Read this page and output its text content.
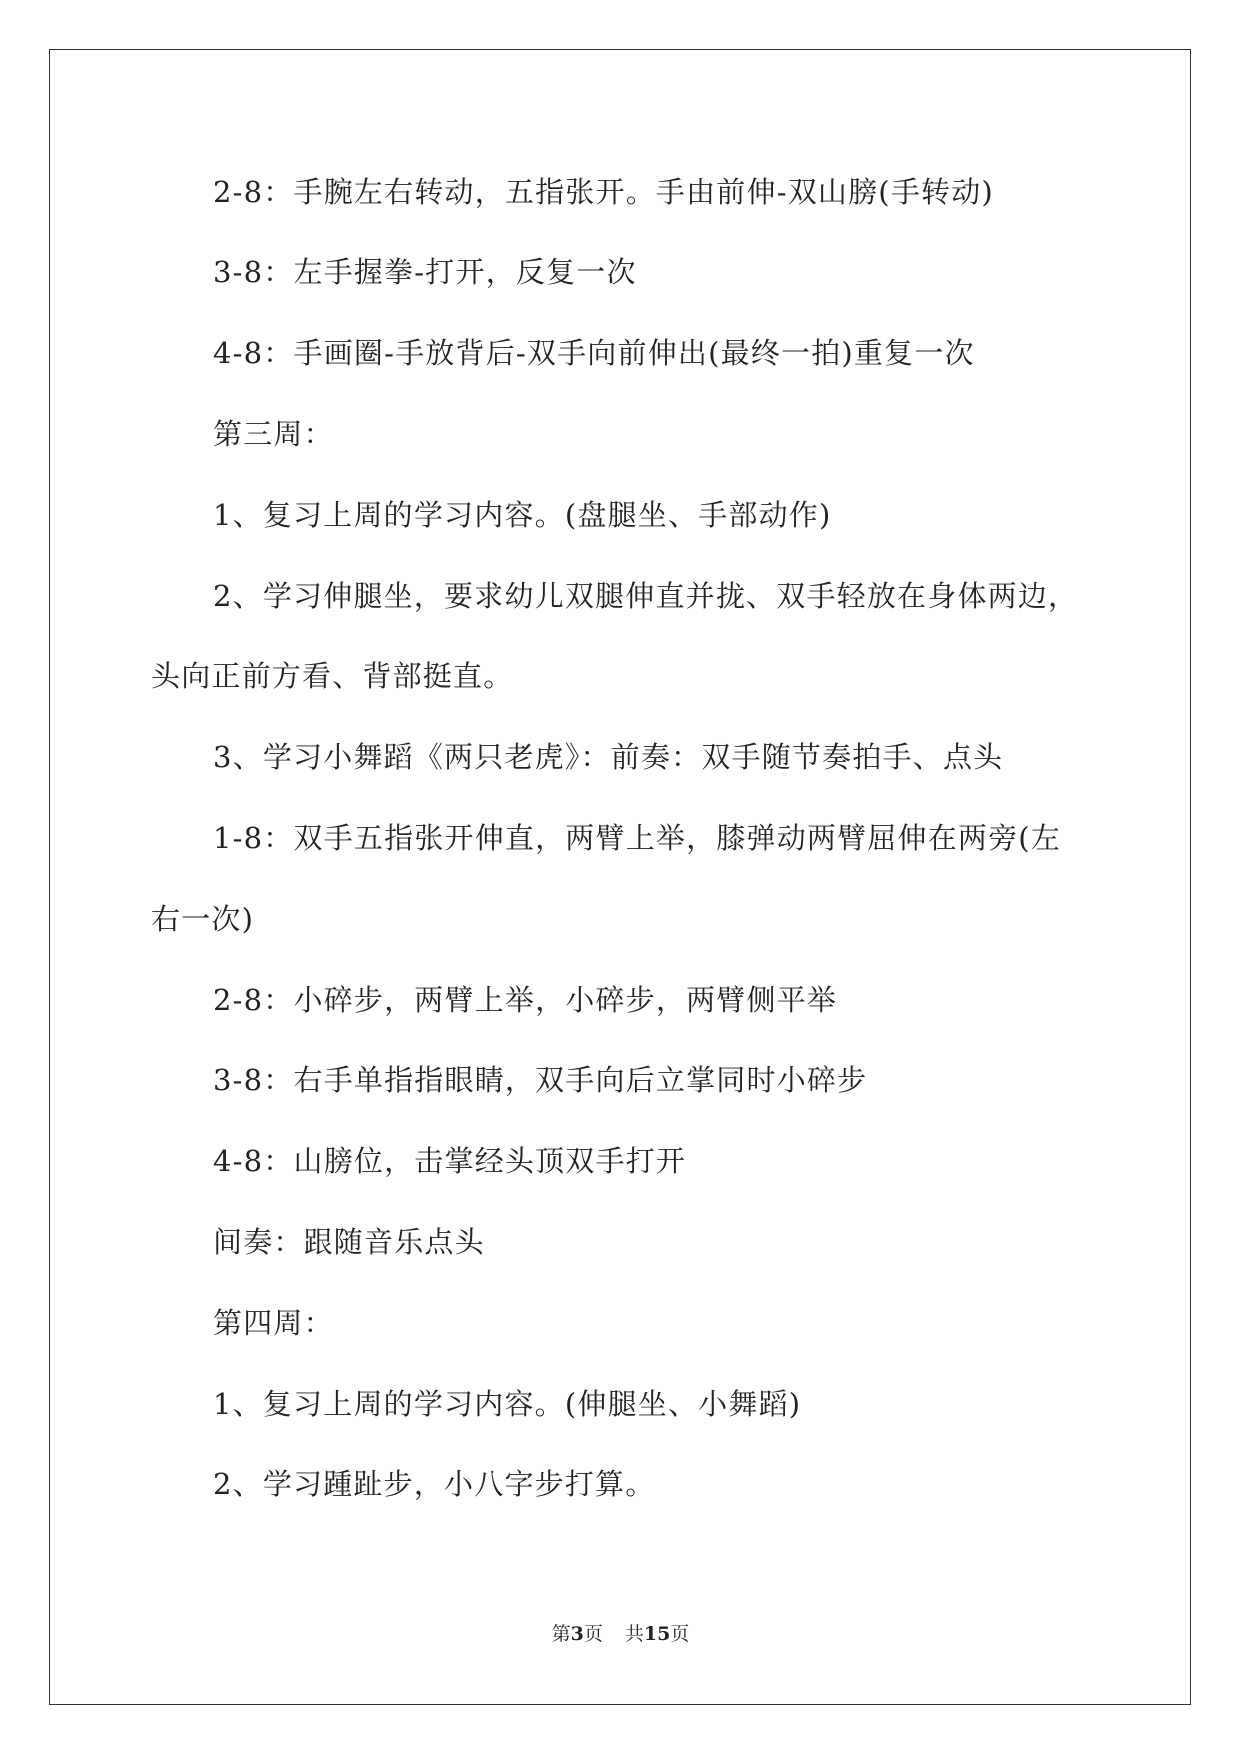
2-8：手腕左右转动，五指张开。手由前伸-双山膀(手转动)

3-8：左手握拳-打开，反复一次

4-8：手画圈-手放背后-双手向前伸出(最终一拍)重复一次

第三周：

1、复习上周的学习内容。(盘腿坐、手部动作)

2、学习伸腿坐，要求幼儿双腿伸直并拢、双手轻放在身体两边，

头向正前方看、背部挺直。

3、学习小舞蹈《两只老虎》：前奏：双手随节奏拍手、点头

1-8：双手五指张开伸直，两臂上举，膝弹动两臂屈伸在两旁(左

右一次)

2-8：小碎步，两臂上举，小碎步，两臂侧平举

3-8：右手单指指眼睛，双手向后立掌同时小碎步

4-8：山膀位，击掌经头顶双手打开

间奏：跟随音乐点头

第四周：

1、复习上周的学习内容。(伸腿坐、小舞蹈)

2、学习踵趾步，小八字步打算。

第3页 共15页
